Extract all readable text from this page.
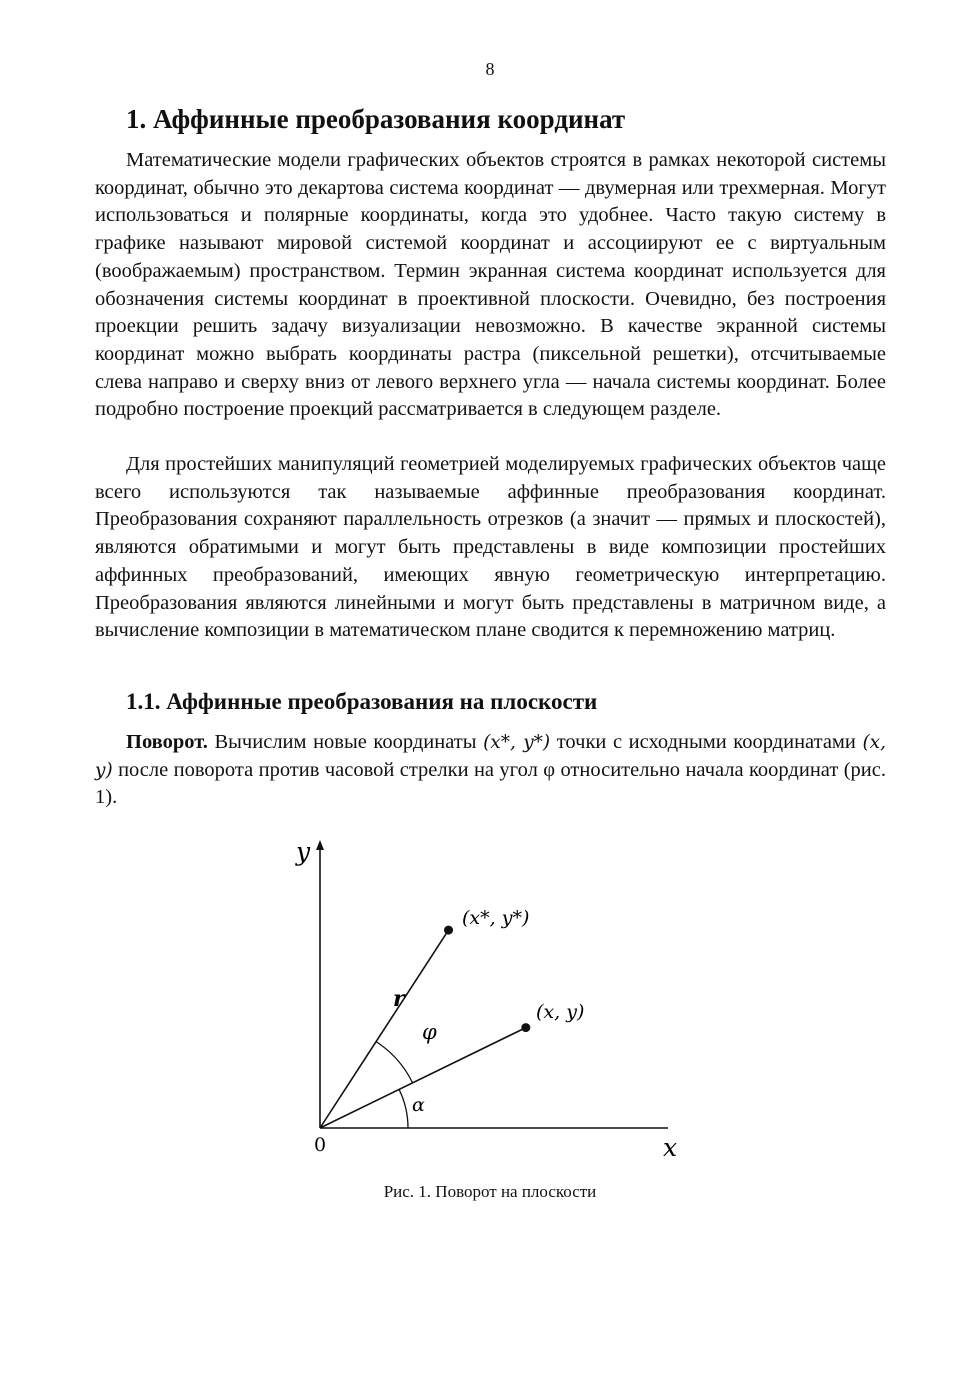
8
1. Аффинные преобразования координат

Математические модели графических объектов строятся в рамках некоторой системы координат, обычно это декартова система координат — двумерная или трехмерная. Могут использоваться и полярные координаты, когда это удобнее. Часто такую систему в графике называют мировой системой координат и ассоциируют ее с виртуальным (воображаемым) пространством. Термин экранная система координат используется для обозначения системы координат в проективной плоскости. Очевидно, без построения проекции решить задачу визуализации невозможно. В качестве экранной системы координат можно выбрать координаты растра (пиксельной решетки), отсчитываемые слева направо и сверху вниз от левого верхнего угла — начала системы координат. Более подробно построение проекций рассматривается в следующем разделе.

Для простейших манипуляций геометрией моделируемых графических объектов чаще всего используются так называемые аффинные преобразования координат. Преобразования сохраняют параллельность отрезков (а значит — прямых и плоскостей), являются обратимыми и могут быть представлены в виде композиции простейших аффинных преобразований, имеющих явную геометрическую интерпретацию. Преобразования являются линейными и могут быть представлены в матричном виде, а вычисление композиции в математическом плане сводится к перемножению матриц.

1.1. Аффинные преобразования на плоскости

Поворот. Вычислим новые координаты (x*, y*) точки с исходными координатами (x, y) после поворота против часовой стрелки на угол φ относительно начала координат (рис. 1).

y
x
0
(x*, y*)
(x, y)
r
φ
α
Рис. 1. Поворот на плоскости
